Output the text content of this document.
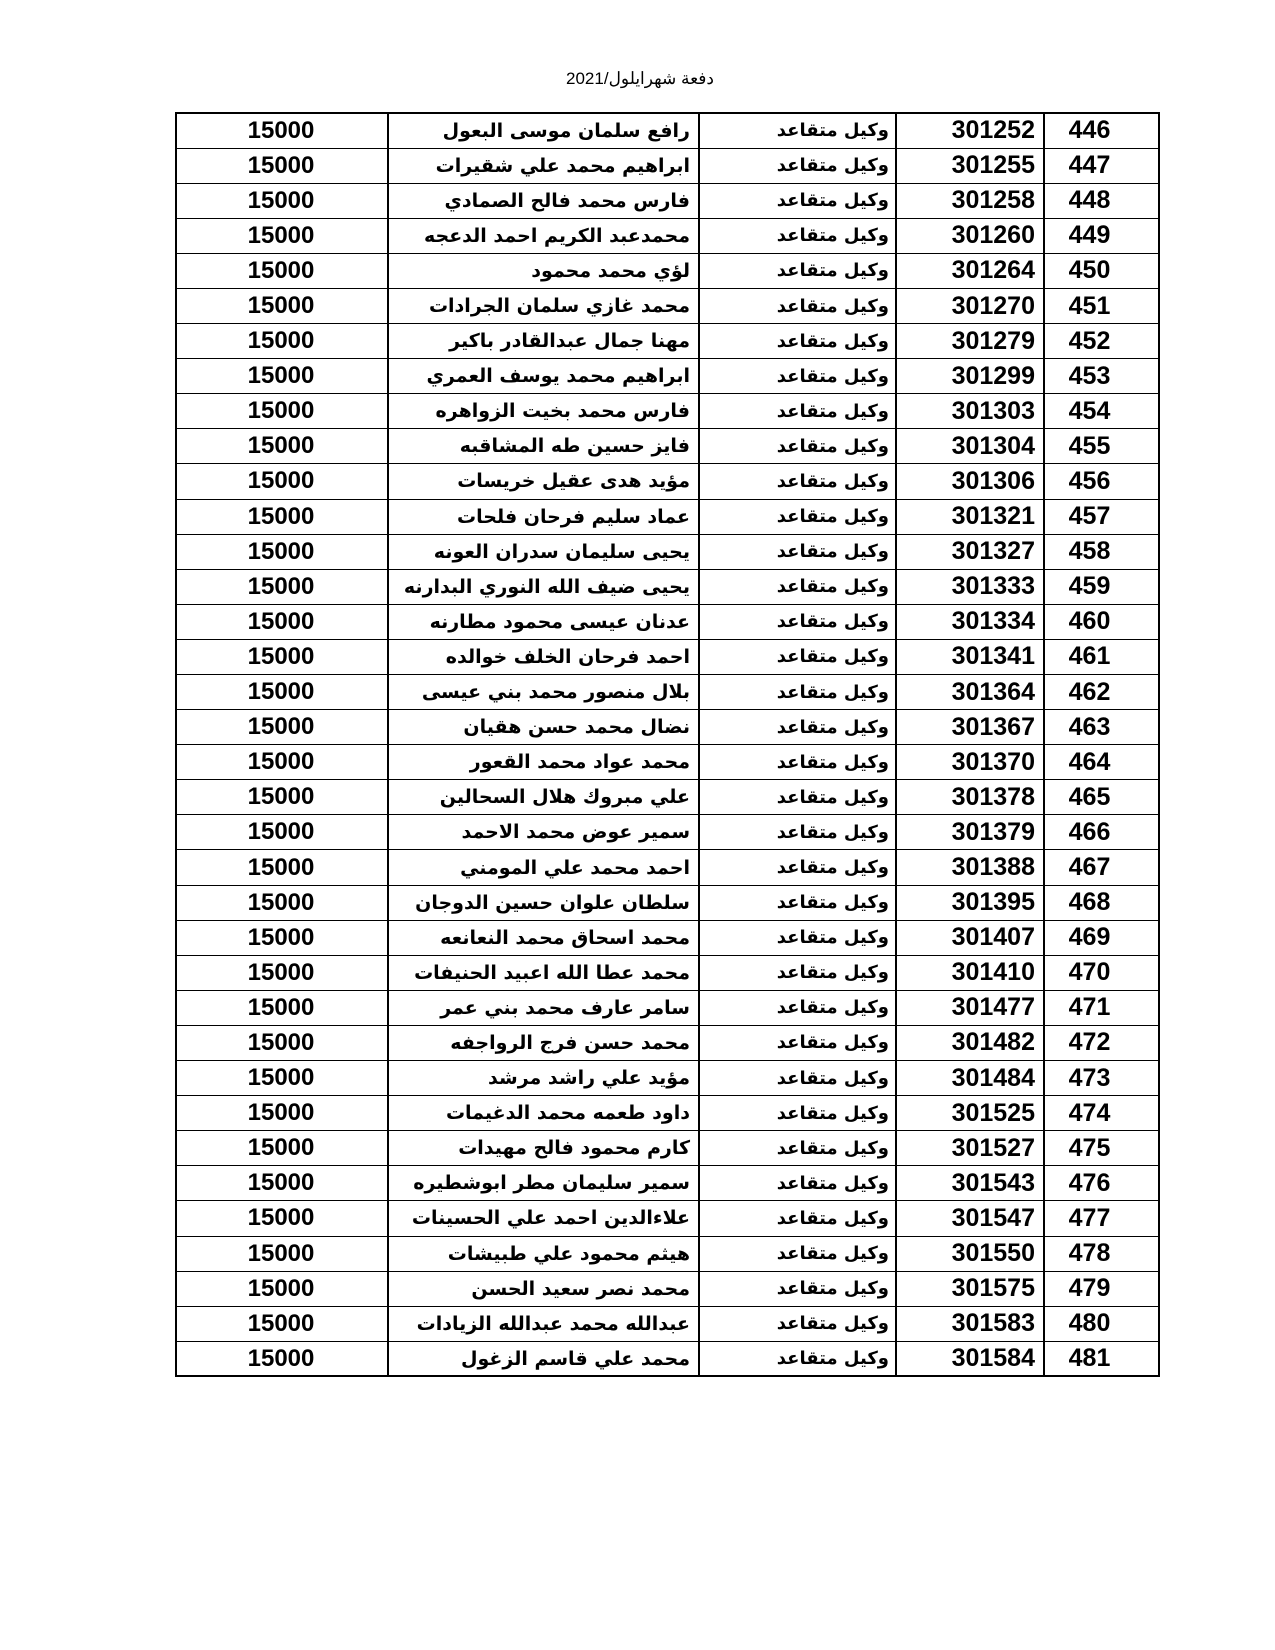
دفعة شهرايلول/2021
15000	رافع سلمان موسى البعول	وكيل متقاعد	301252	446
15000	ابراهيم محمد علي شقيرات	وكيل متقاعد	301255	447
15000	فارس محمد فالح الصمادي	وكيل متقاعد	301258	448
15000	محمدعبد الكريم احمد الدعجه	وكيل متقاعد	301260	449
15000	لؤي محمد محمود	وكيل متقاعد	301264	450
15000	محمد غازي سلمان الجرادات	وكيل متقاعد	301270	451
15000	مهنا جمال عبدالقادر باكير	وكيل متقاعد	301279	452
15000	ابراهيم محمد يوسف العمري	وكيل متقاعد	301299	453
15000	فارس محمد بخيت الزواهره	وكيل متقاعد	301303	454
15000	فايز حسين طه المشاقبه	وكيل متقاعد	301304	455
15000	مؤيد هدى عقيل خريسات	وكيل متقاعد	301306	456
15000	عماد سليم فرحان فلحات	وكيل متقاعد	301321	457
15000	يحيى سليمان سدران العونه	وكيل متقاعد	301327	458
15000	يحيى ضيف الله النوري البدارنه	وكيل متقاعد	301333	459
15000	عدنان عيسى محمود مطارنه	وكيل متقاعد	301334	460
15000	احمد فرحان الخلف خوالده	وكيل متقاعد	301341	461
15000	بلال منصور محمد بني عيسى	وكيل متقاعد	301364	462
15000	نضال محمد حسن هقيان	وكيل متقاعد	301367	463
15000	محمد عواد محمد القعور	وكيل متقاعد	301370	464
15000	علي مبروك هلال السحالين	وكيل متقاعد	301378	465
15000	سمير عوض محمد الاحمد	وكيل متقاعد	301379	466
15000	احمد محمد علي المومني	وكيل متقاعد	301388	467
15000	سلطان علوان حسين الدوجان	وكيل متقاعد	301395	468
15000	محمد اسحاق محمد النعانعه	وكيل متقاعد	301407	469
15000	محمد عطا الله اعبيد الحنيفات	وكيل متقاعد	301410	470
15000	سامر عارف محمد بني عمر	وكيل متقاعد	301477	471
15000	محمد حسن فرج الرواجفه	وكيل متقاعد	301482	472
15000	مؤيد علي راشد مرشد	وكيل متقاعد	301484	473
15000	داود طعمه محمد الدغيمات	وكيل متقاعد	301525	474
15000	كارم محمود فالح مهيدات	وكيل متقاعد	301527	475
15000	سمير سليمان مطر ابوشطيره	وكيل متقاعد	301543	476
15000	علاءالدين احمد علي الحسينات	وكيل متقاعد	301547	477
15000	هيثم محمود علي طبيشات	وكيل متقاعد	301550	478
15000	محمد نصر سعيد الحسن	وكيل متقاعد	301575	479
15000	عبدالله محمد عبدالله الزيادات	وكيل متقاعد	301583	480
15000	محمد علي قاسم الزغول	وكيل متقاعد	301584	481
